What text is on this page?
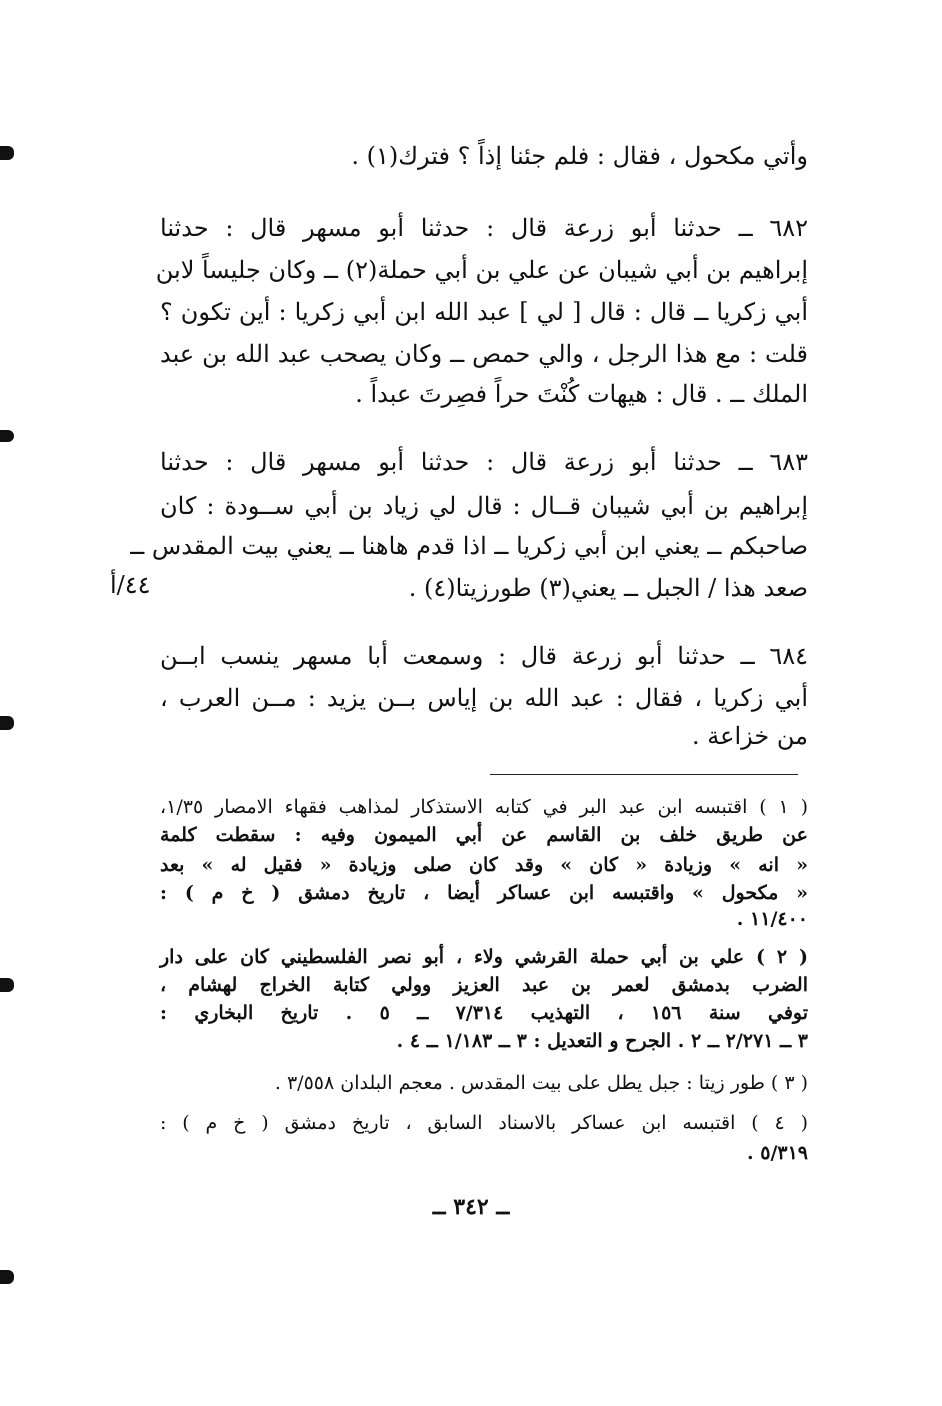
وأتي مكحول ، فقال : فلم جئنا إذاً ؟ فترك(١) .
٦٨٢ ــ حدثنا أبو زرعة قال : حدثنا أبو مسهر قال : حدثنا
إبراهيم بن أبي شيبان عن علي بن أبي حملة(٢) ــ وكان جليساً لابن
أبي زكريا ــ قال : قال [ لي ] عبد الله ابن أبي زكريا : أين تكون ؟
قلت : مع هذا الرجل ، والي حمص ــ وكان يصحب عبد الله بن عبد
الملك ــ . قال : هيهات كُنْتَ حراً فصِرتَ عبداً .
٦٨٣ ــ حدثنا أبو زرعة قال : حدثنا أبو مسهر قال : حدثنا
إبراهيم بن أبي شيبان قــال : قال لي زياد بن أبي ســودة : كان
صاحبكم ــ يعني ابن أبي زكريا ــ اذا قدم هاهنا ــ يعني بيت المقدس ــ
صعد هذا / الجبل ــ يعني(٣) طورزيتا(٤) .
٤٤/أ
٦٨٤ ــ حدثنا أبو زرعة قال : وسمعت أبا مسهر ينسب ابــن
أبي زكريا ، فقال : عبد الله بن إياس بــن يزيد : مــن العرب ،
من خزاعة .
( ١ ) اقتبسه ابن عبد البر في كتابه الاستذكار لمذاهب فقهاء الامصار ١/٣٥،
عن طريق خلف بن القاسم عن أبي الميمون وفيه : سقطت كلمة
« انه » وزيادة « كان » وقد كان صلى وزيادة « فقيل له » بعد
« مكحول » واقتبسه ابن عساكر أيضا ، تاريخ دمشق ( خ م ) :
١١/٤٠٠ .
( ٢ ) علي بن أبي حملة القرشي ولاء ، أبو نصر الفلسطيني كان على دار
الضرب بدمشق لعمر بن عبد العزيز وولي كتابة الخراج لهشام ،
توفي سنة ١٥٦ ، التهذيب ٧/٣١٤ ــ ٥ . تاريخ البخاري :
٣ ــ ٢/٢٧١ ــ ٢ . الجرح و التعديل : ٣ ــ ١/١٨٣ ــ ٤ .
( ٣ ) طور زيتا : جبل يطل على بيت المقدس . معجم البلدان ٣/٥٥٨ .
( ٤ ) اقتبسه ابن عساكر بالاسناد السابق ، تاريخ دمشق ( خ م ) :
٥/٣١٩ .
ــ ٣٤٢ ــ
